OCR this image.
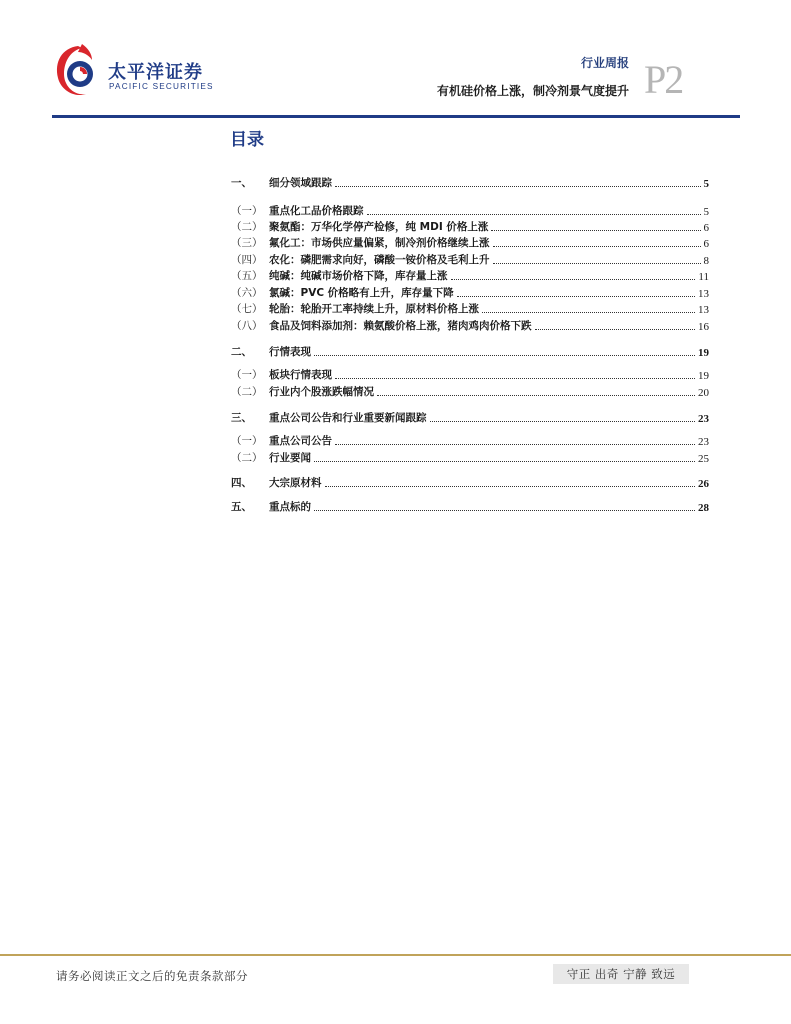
太平洋证券
PACIFIC SECURITIES
行业周报
有机硅价格上涨，制冷剂景气度提升 P2
目录
一、	细分领域跟踪	5
（一） 重点化工品价格跟踪	5
（二） 聚氨酯：万华化学停产检修，纯 MDI 价格上涨	6
（三） 氟化工：市场供应量偏紧，制冷剂价格继续上涨	6
（四） 农化：磷肥需求向好，磷酸一铵价格及毛利上升	8
（五） 纯碱：纯碱市场价格下降，库存量上涨	11
（六） 氯碱：PVC 价格略有上升，库存量下降	13
（七） 轮胎：轮胎开工率持续上升，原材料价格上涨	13
（八） 食品及饲料添加剂：赖氨酸价格上涨，猪肉鸡肉价格下跌	16
二、	行情表现	19
（一） 板块行情表现	19
（二） 行业内个股涨跌幅情况	20
三、	重点公司公告和行业重要新闻跟踪	23
（一） 重点公司公告	23
（二） 行业要闻	25
四、	大宗原材料	26
五、	重点标的	28
请务必阅读正文之后的免责条款部分	守正 出奇 宁静 致远
